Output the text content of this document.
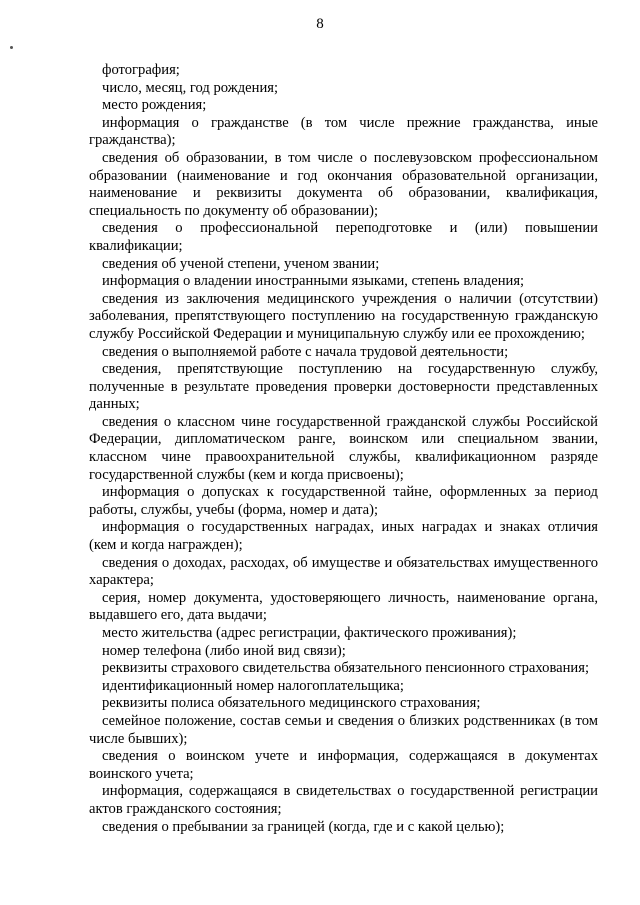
8

фотография;

число, месяц, год рождения;

место рождения;

информация о гражданстве (в том числе прежние гражданства, иные гражданства);

сведения об образовании, в том числе о послевузовском профессиональном образовании (наименование и год окончания образовательной организации, наименование и реквизиты документа об образовании, квалификация, специальность по документу об образовании);

сведения о профессиональной переподготовке и (или) повышении квалификации;

сведения об ученой степени, ученом звании;

информация о владении иностранными языками, степень владения;

сведения из заключения медицинского учреждения о наличии (отсутствии) заболевания, препятствующего поступлению на государственную гражданскую службу Российской Федерации и муниципальную службу или ее прохождению;

сведения о выполняемой работе с начала трудовой деятельности;

сведения, препятствующие поступлению на государственную службу, полученные в результате проведения проверки достоверности представленных данных;

сведения о классном чине государственной гражданской службы Российской Федерации, дипломатическом ранге, воинском или специальном звании, классном чине правоохранительной службы, квалификационном разряде государственной службы (кем и когда присвоены);

информация о допусках к государственной тайне, оформленных за период работы, службы, учебы (форма, номер и дата);

информация о государственных наградах, иных наградах и знаках отличия (кем и когда награжден);

сведения о доходах, расходах, об имуществе и обязательствах имущественного характера;

серия, номер документа, удостоверяющего личность, наименование органа, выдавшего его, дата выдачи;

место жительства (адрес регистрации, фактического проживания);

номер телефона (либо иной вид связи);

реквизиты страхового свидетельства обязательного пенсионного страхования;

идентификационный номер налогоплательщика;

реквизиты полиса обязательного медицинского страхования;

семейное положение, состав семьи и сведения о близких родственниках (в том числе бывших);

сведения о воинском учете и информация, содержащаяся в документах воинского учета;

информация, содержащаяся в свидетельствах о государственной регистрации актов гражданского состояния;

сведения о пребывании за границей (когда, где и с какой целью);
